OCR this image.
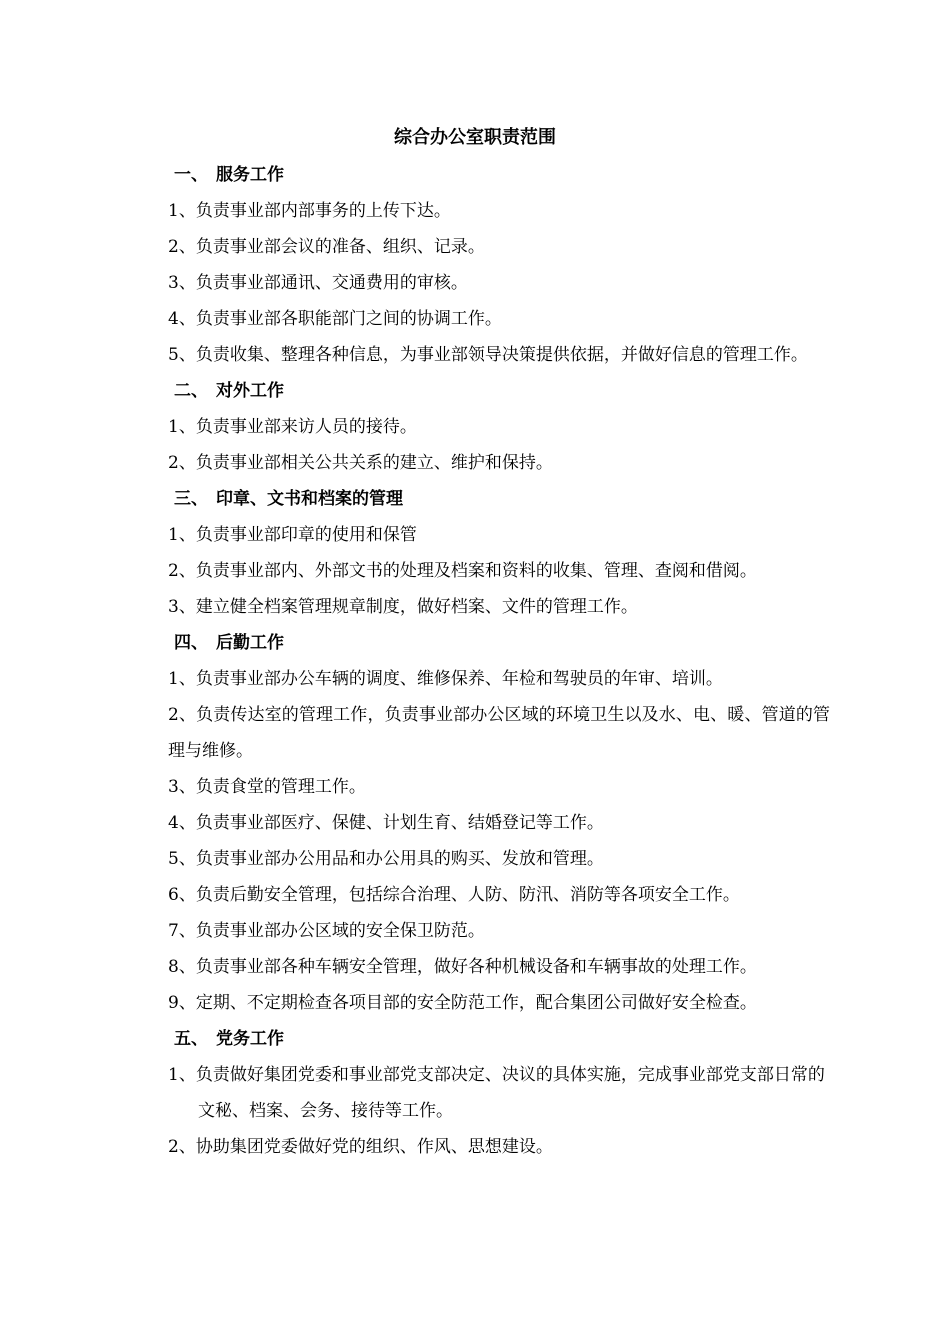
综合办公室职责范围
一、 服务工作
1、负责事业部内部事务的上传下达。
2、负责事业部会议的准备、组织、记录。
3、负责事业部通讯、交通费用的审核。
4、负责事业部各职能部门之间的协调工作。
5、负责收集、整理各种信息，为事业部领导决策提供依据，并做好信息的管理工作。
二、 对外工作
1、负责事业部来访人员的接待。
2、负责事业部相关公共关系的建立、维护和保持。
三、 印章、文书和档案的管理
1、负责事业部印章的使用和保管
2、负责事业部内、外部文书的处理及档案和资料的收集、管理、查阅和借阅。
3、建立健全档案管理规章制度，做好档案、文件的管理工作。
四、 后勤工作
1、负责事业部办公车辆的调度、维修保养、年检和驾驶员的年审、培训。
2、负责传达室的管理工作，负责事业部办公区域的环境卫生以及水、电、暖、管道的管理与维修。
3、负责食堂的管理工作。
4、负责事业部医疗、保健、计划生育、结婚登记等工作。
5、负责事业部办公用品和办公用具的购买、发放和管理。
6、负责后勤安全管理，包括综合治理、人防、防汛、消防等各项安全工作。
7、负责事业部办公区域的安全保卫防范。
8、负责事业部各种车辆安全管理，做好各种机械设备和车辆事故的处理工作。
9、定期、不定期检查各项目部的安全防范工作，配合集团公司做好安全检查。
五、 党务工作
1、负责做好集团党委和事业部党支部决定、决议的具体实施，完成事业部党支部日常的文秘、档案、会务、接待等工作。
2、协助集团党委做好党的组织、作风、思想建设。
